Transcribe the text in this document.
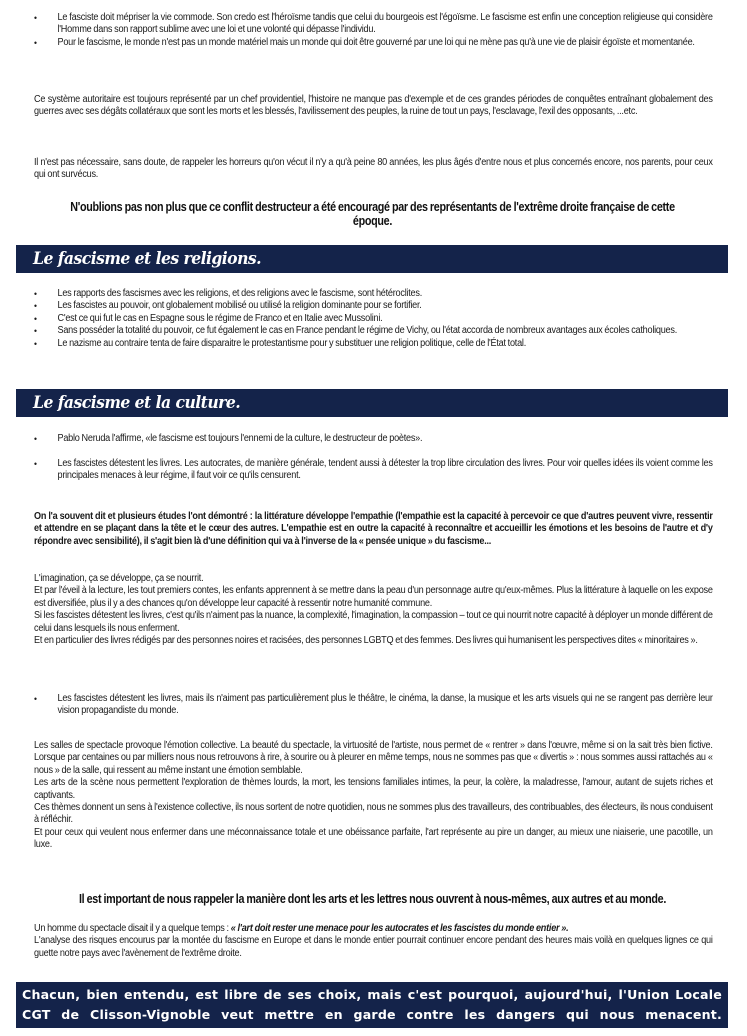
• Le fasciste doit mépriser la vie commode. Son credo est l'héroïsme tandis que celui du bourgeois est l'égoïsme. Le fascisme est enfin une conception religieuse qui considère l'Homme dans son rapport sublime avec une loi et une volonté qui dépasse l'individu.
• Pour le fascisme, le monde n'est pas un monde matériel mais un monde qui doit être gouverné par une loi qui ne mène pas qu'à une vie de plaisir égoïste et momentanée.

Ce système autoritaire est toujours représenté par un chef providentiel, l'histoire ne manque pas d'exemple et de ces grandes périodes de conquêtes entraînant globalement des guerres avec ses dégâts collatéraux que sont les morts et les blessés, l'avilissement des peuples, la ruine de tout un pays, l'esclavage, l'exil des opposants, ...etc.

Il n'est pas nécessaire, sans doute, de rappeler les horreurs qu'on vécut il n'y a qu'à peine 80 années, les plus âgés d'entre nous et plus concernés encore, nos parents, pour ceux qui ont survécus.

N'oublions pas non plus que ce conflit destructeur a été encouragé par des représentants de l'extrême droite française de cette époque.
Le fascisme et les religions.
• Les rapports des fascismes avec les religions, et des religions avec le fascisme, sont hétéroclites.
• Les fascistes au pouvoir, ont globalement mobilisé ou utilisé la religion dominante pour se fortifier.
• C'est ce qui fut le cas en Espagne sous le régime de Franco et en Italie avec Mussolini.
• Sans posséder la totalité du pouvoir, ce fut également le cas en France pendant le régime de Vichy, ou l'état accorda de nombreux avantages aux écoles catholiques.
• Le nazisme au contraire tenta de faire disparaitre le protestantisme pour y substituer une religion politique, celle de l'État total.
Le fascisme et la culture.
• Pablo Neruda l'affirme, «le fascisme est toujours l'ennemi de la culture, le destructeur de poètes».
• Les fascistes détestent les livres. Les autocrates, de manière générale, tendent aussi à détester la trop libre circulation des livres. Pour voir quelles idées ils voient comme les principales menaces à leur régime, il faut voir ce qu'ils censurent.

On l'a souvent dit et plusieurs études l'ont démontré : la littérature développe l'empathie (l'empathie est la capacité à percevoir ce que d'autres peuvent vivre, ressentir et attendre en se plaçant dans la tête et le cœur des autres. L'empathie est en outre la capacité à reconnaître et accueillir les émotions et les besoins de l'autre et d'y répondre avec sensibilité), il s'agit bien là d'une définition qui va à l'inverse de la « pensée unique » du fascisme...

L'imagination, ça se développe, ça se nourrit.

Et par l'éveil à la lecture, les tout premiers contes, les enfants apprennent à se mettre dans la peau d'un personnage autre qu'eux-mêmes. Plus la littérature à laquelle on les expose est diversifiée, plus il y a des chances qu'on développe leur capacité à ressentir notre humanité commune.

Si les fascistes détestent les livres, c'est qu'ils n'aiment pas la nuance, la complexité, l'imagination, la compassion – tout ce qui nourrit notre capacité à déployer un monde différent de celui dans lesquels ils nous enferment.

Et en particulier des livres rédigés par des personnes noires et racisées, des personnes LGBTQ et des femmes. Des livres qui humanisent les perspectives dites « minoritaires ».

• Les fascistes détestent les livres, mais ils n'aiment pas particulièrement plus le théâtre, le cinéma, la danse, la musique et les arts visuels qui ne se rangent pas derrière leur vision propagandiste du monde.

Les salles de spectacle provoque l'émotion collective. La beauté du spectacle, la virtuosité de l'artiste, nous permet de « rentrer » dans l'œuvre, même si on la sait très bien fictive. Lorsque par centaines ou par milliers nous nous retrouvons à rire, à sourire ou à pleurer en même temps, nous ne sommes pas que « divertis » : nous sommes aussi rattachés au « nous » de la salle, qui ressent au même instant une émotion semblable.

Les arts de la scène nous permettent l'exploration de thèmes lourds, la mort, les tensions familiales intimes, la peur, la colère, la maladresse, l'amour, autant de sujets riches et captivants.

Ces thèmes donnent un sens à l'existence collective, ils nous sortent de notre quotidien, nous ne sommes plus des travailleurs, des contribuables, des électeurs, ils nous conduisent à réfléchir.

Et pour ceux qui veulent nous enfermer dans une méconnaissance totale et une obéissance parfaite, l'art représente au pire un danger, au mieux une niaiserie, une pacotille, un luxe.

Il est important de nous rappeler la manière dont les arts et les lettres nous ouvrent à nous-mêmes, aux autres et au monde.

Un homme du spectacle disait il y a quelque temps : « l'art doit rester une menace pour les autocrates et les fascistes du monde entier ».

L'analyse des risques encourus par la montée du fascisme en Europe et dans le monde entier pourrait continuer encore pendant des heures mais voilà en quelques lignes ce qui guette notre pays avec l'avènement de l'extrême droite.

Chacun, bien entendu, est libre de ses choix, mais c'est pourquoi, aujourd'hui, l'Union Locale CGT de Clisson-Vignoble veut mettre en garde contre les dangers qui nous menacent.
